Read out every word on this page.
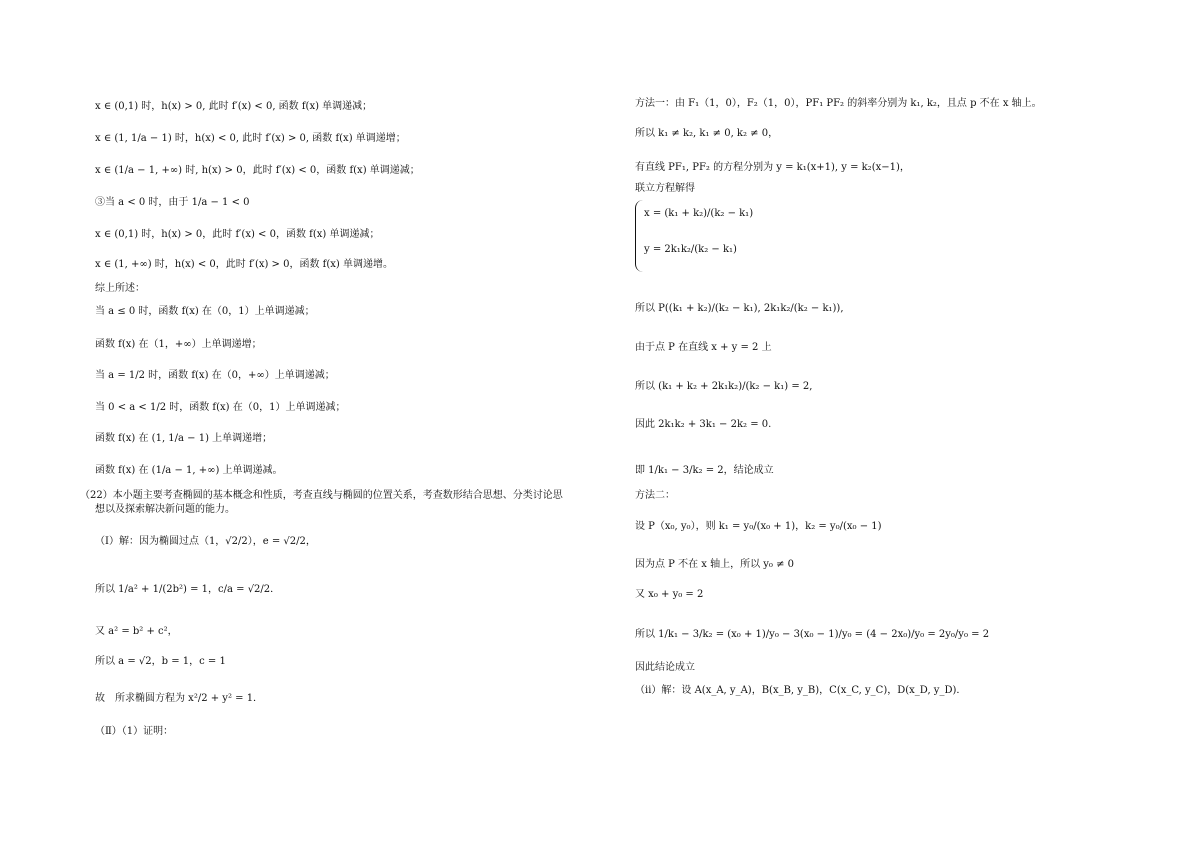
x ∈ (0,1) 时，h(x) > 0, 此时 f′(x) < 0, 函数 f(x) 单调递减；
x ∈ (1, 1/a − 1) 时，h(x) < 0, 此时 f′(x) > 0, 函数 f(x) 单调递增；
x ∈ (1/a − 1, +∞) 时, h(x) > 0，此时 f′(x) < 0，函数 f(x) 单调递减；
③当 a < 0 时，由于 1/a − 1 < 0
x ∈ (0,1) 时，h(x) > 0，此时 f′(x) < 0，函数 f(x) 单调递减；
x ∈ (1, +∞) 时，h(x) < 0，此时 f′(x) > 0，函数 f(x) 单调递增。
综上所述：
当 a ≤ 0 时，函数 f(x) 在（0，1）上单调递减；
函数 f(x) 在（1，+∞）上单调递增；
当 a = 1/2 时，函数 f(x) 在（0，+∞）上单调递减；
当 0 < a < 1/2 时，函数 f(x) 在（0，1）上单调递减；
函数 f(x) 在 (1, 1/a − 1) 上单调递增；
函数 f(x) 在 (1/a − 1, +∞) 上单调递减。
（22）本小题主要考查椭圆的基本概念和性质，考查直线与椭圆的位置关系，考查数形结合思想、分类讨论思
想以及探索解决新问题的能力。
（Ⅰ）解：因为椭圆过点（1，√2/2），e = √2/2，
所以 1/a² + 1/(2b²) = 1，c/a = √2/2．
又 a² = b² + c²，
所以 a = √2，b = 1，c = 1
故　所求椭圆方程为 x²/2 + y² = 1．
（Ⅱ）（1）证明：
方法一：由 F₁（1，0），F₂（1，0），PF₁ PF₂ 的斜率分别为 k₁, k₂，且点 p 不在 x 轴上。
所以 k₁ ≠ k₂, k₁ ≠ 0, k₂ ≠ 0，
有直线 PF₁, PF₂ 的方程分别为 y = k₁(x+1), y = k₂(x−1)，
联立方程解得
x = (k₁ + k₂)/(k₂ − k₁)
y = 2k₁k₂/(k₂ − k₁)
所以 P((k₁ + k₂)/(k₂ − k₁), 2k₁k₂/(k₂ − k₁)),
由于点 P 在直线 x + y = 2 上
所以 (k₁ + k₂ + 2k₁k₂)/(k₂ − k₁) = 2,
因此 2k₁k₂ + 3k₁ − 2k₂ = 0.
即 1/k₁ − 3/k₂ = 2，结论成立
方法二：
设 P（x₀, y₀），则 k₁ = y₀/(x₀ + 1)，k₂ = y₀/(x₀ − 1)
因为点 P 不在 x 轴上，所以 y₀ ≠ 0
又 x₀ + y₀ = 2
所以 1/k₁ − 3/k₂ = (x₀ + 1)/y₀ − 3(x₀ − 1)/y₀ = (4 − 2x₀)/y₀ = 2y₀/y₀ = 2
因此结论成立
（ⅱ）解：设 A(x_A, y_A)，B(x_B, y_B)，C(x_C, y_C)，D(x_D, y_D)．
